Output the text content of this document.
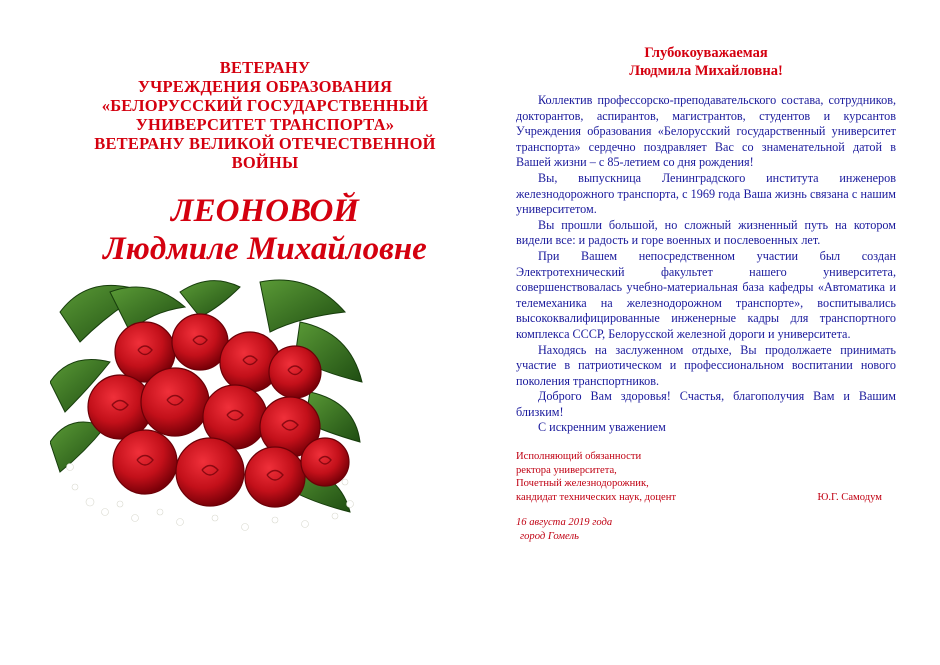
ВЕТЕРАНУ
УЧРЕЖДЕНИЯ ОБРАЗОВАНИЯ
«БЕЛОРУССКИЙ ГОСУДАРСТВЕННЫЙ
УНИВЕРСИТЕТ ТРАНСПОРТА»
ВЕТЕРАНУ ВЕЛИКОЙ ОТЕЧЕСТВЕННОЙ
ВОЙНЫ
ЛЕОНОВОЙ
Людмиле Михайловне
Глубокоуважаемая
Людмила Михайловна!

Коллектив профессорско-преподавательского состава, сотрудников, докторантов, аспирантов, магистрантов, студентов и курсантов Учреждения образования «Белорусский государственный университет транспорта» сердечно поздравляет Вас со знаменательной датой в Вашей жизни – с 85-летием со дня рождения!

Вы, выпускница Ленинградского института инженеров железнодорожного транспорта, с 1969 года Ваша жизнь связана с нашим университетом.

Вы прошли большой, но сложный жизненный путь на котором видели все: и радость и горе военных и послевоенных лет.

При Вашем непосредственном участии был создан Электротехнический факультет нашего университета, совершенствовалась учебно-материальная база кафедры «Автоматика и телемеханика на железнодорожном транспорте», воспитывались высококвалифицированные инженерные кадры для транспортного комплекса СССР, Белорусской железной дороги и университета.

Находясь на заслуженном отдыхе, Вы продолжаете принимать участие в патриотическом и профессиональном воспитании нового поколения транспортников.

Доброго Вам здоровья! Счастья, благополучия Вам и Вашим близким!

С искренним уважением

Исполняющий обязанности
ректора университета,
Почетный железнодорожник,
кандидат технических наук, доцент	Ю.Г. Самодум
16 августа 2019 года
город Гомель
